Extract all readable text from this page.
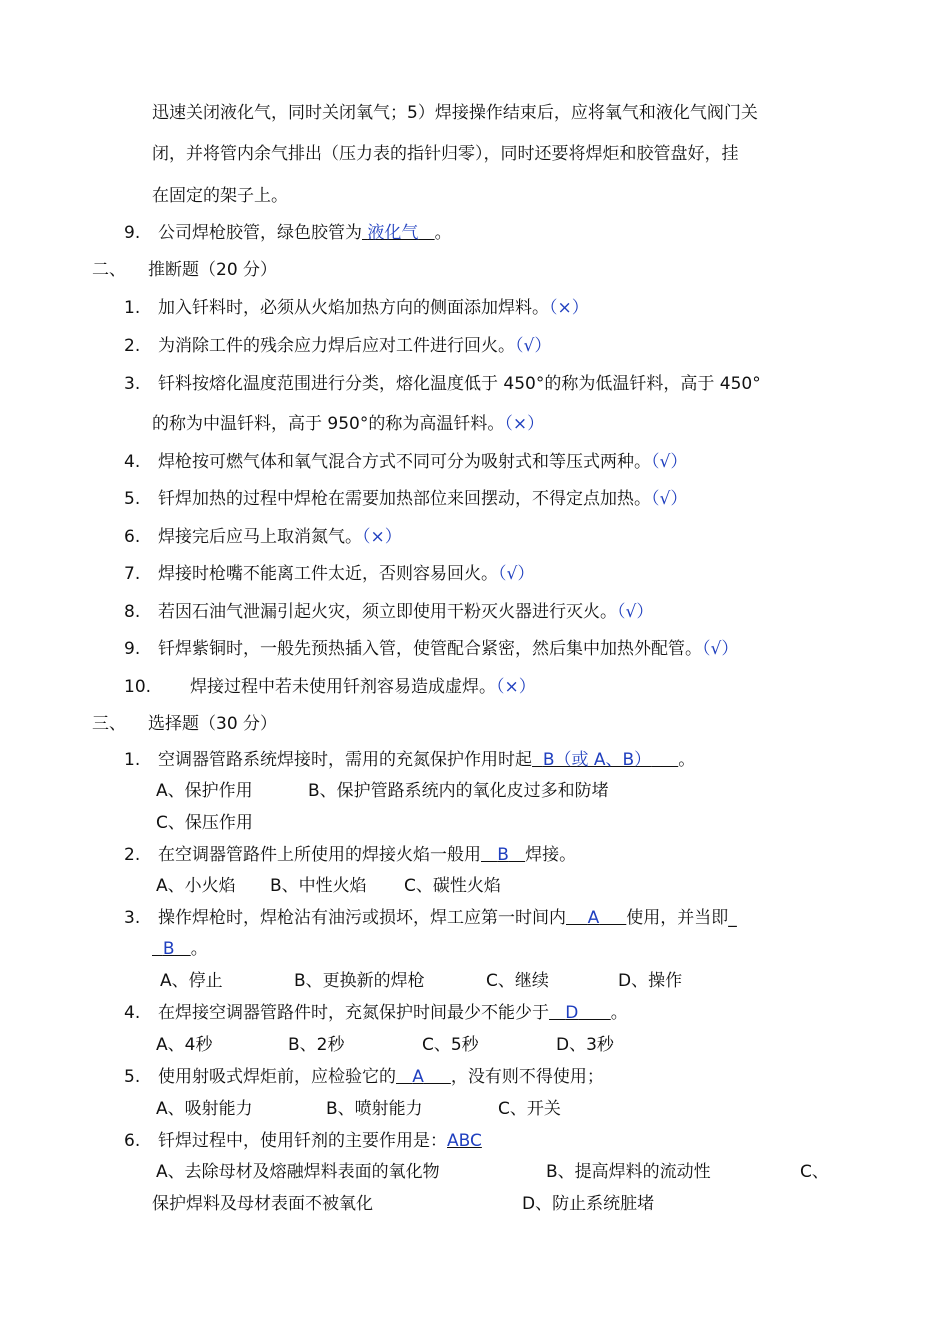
迅速关闭液化气，同时关闭氧气；5）焊接操作结束后，应将氧气和液化气阀门关
闭，并将管内余气排出（压力表的指针归零），同时还要将焊炬和胶管盘好，挂
在固定的架子上。
9. 公司焊枪胶管，绿色胶管为 液化气 。
二、 推断题（20 分）
1. 加入钎料时，必须从火焰加热方向的侧面添加焊料。（×）
2. 为消除工件的残余应力焊后应对工件进行回火。（√）
3. 钎料按熔化温度范围进行分类，熔化温度低于 450°的称为低温钎料，高于 450°
的称为中温钎料，高于 950°的称为高温钎料。（×）
4. 焊枪按可燃气体和氧气混合方式不同可分为吸射式和等压式两种。（√）
5. 钎焊加热的过程中焊枪在需要加热部位来回摆动，不得定点加热。（√）
6. 焊接完后应马上取消氮气。（×）
7. 焊接时枪嘴不能离工件太近，否则容易回火。（√）
8. 若因石油气泄漏引起火灾，须立即使用干粉灭火器进行灭火。（√）
9. 钎焊紫铜时，一般先预热插入管，使管配合紧密，然后集中加热外配管。（√）
10. 焊接过程中若未使用钎剂容易造成虚焊。（×）
三、 选择题（30 分）
1. 空调器管路系统焊接时，需用的充氮保护作用时起 B（或 A、B） 。
A、保护作用	B、保护管路系统内的氧化皮过多和防堵
C、保压作用
2. 在空调器管路件上所使用的焊接火焰一般用 B 焊接。
A、小火焰 B、中性火焰 C、碳性火焰
3. 操作焊枪时，焊枪沾有油污或损坏，焊工应第一时间内 A 使用，并当即_
B 。
A、停止	B、更换新的焊枪	C、继续	D、操作
4. 在焊接空调器管路件时，充氮保护时间最少不能少于 D 。
A、4秒	B、2秒	C、5秒	D、3秒
5. 使用射吸式焊炬前，应检验它的 A ，没有则不得使用；
A、吸射能力	B、喷射能力	C、开关
6. 钎焊过程中，使用钎剂的主要作用是：ABC
A、去除母材及熔融焊料表面的氧化物	B、提高焊料的流动性	C、
保护焊料及母材表面不被氧化	D、防止系统脏堵
